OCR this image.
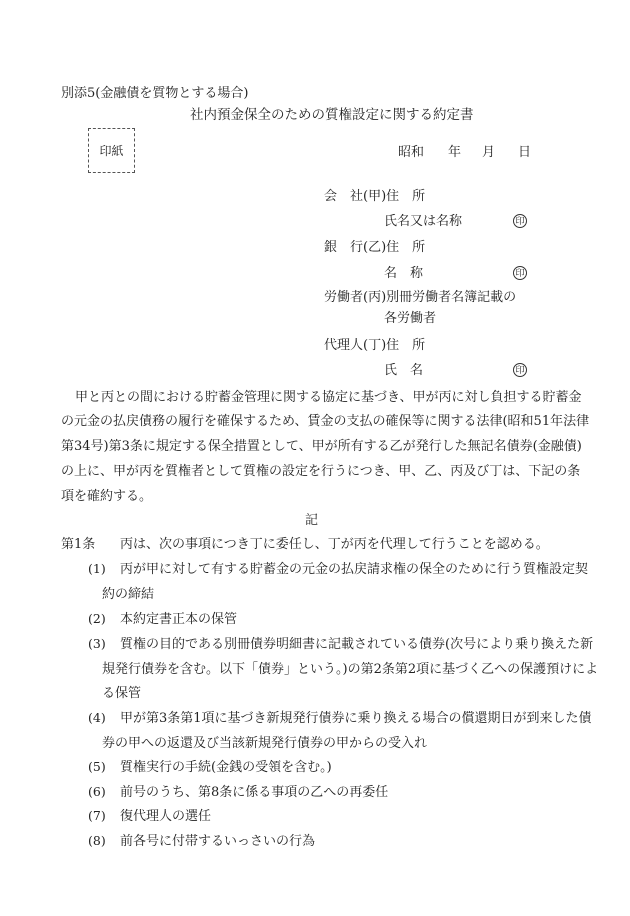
別添5(金融債を質物とする場合)
社内預金保全のための質権設定に関する約定書
印紙	昭和 年 月 日
会　社(甲)住　所
氏名又は名称	印
銀　行(乙)住　所
名　称	印
労働者(丙)別冊労働者名簿記載の
各労働者
代理人(丁)住　所
氏　名	印
甲と丙との間における貯蓄金管理に関する協定に基づき、甲が丙に対し負担する貯蓄金
の元金の払戻債務の履行を確保するため、賃金の支払の確保等に関する法律(昭和51年法律
第34号)第3条に規定する保全措置として、甲が所有する乙が発行した無記名債券(金融債)
の上に、甲が丙を質権者として質権の設定を行うにつき、甲、乙、丙及び丁は、下記の条
項を確約する。
記
第1条 丙は、次の事項につき丁に委任し、丁が丙を代理して行うことを認める。
(1) 丙が甲に対して有する貯蓄金の元金の払戻請求権の保全のために行う質権設定契
約の締結
(2) 本約定書正本の保管
(3) 質権の目的である別冊債券明細書に記載されている債券(次号により乗り換えた新
規発行債券を含む。以下「債券」という。)の第2条第2項に基づく乙への保護預けによ
る保管
(4) 甲が第3条第1項に基づき新規発行債券に乗り換える場合の償還期日が到来した債
券の甲への返還及び当該新規発行債券の甲からの受入れ
(5) 質権実行の手続(金銭の受領を含む。)
(6) 前号のうち、第8条に係る事項の乙への再委任
(7) 復代理人の選任
(8) 前各号に付帯するいっさいの行為
